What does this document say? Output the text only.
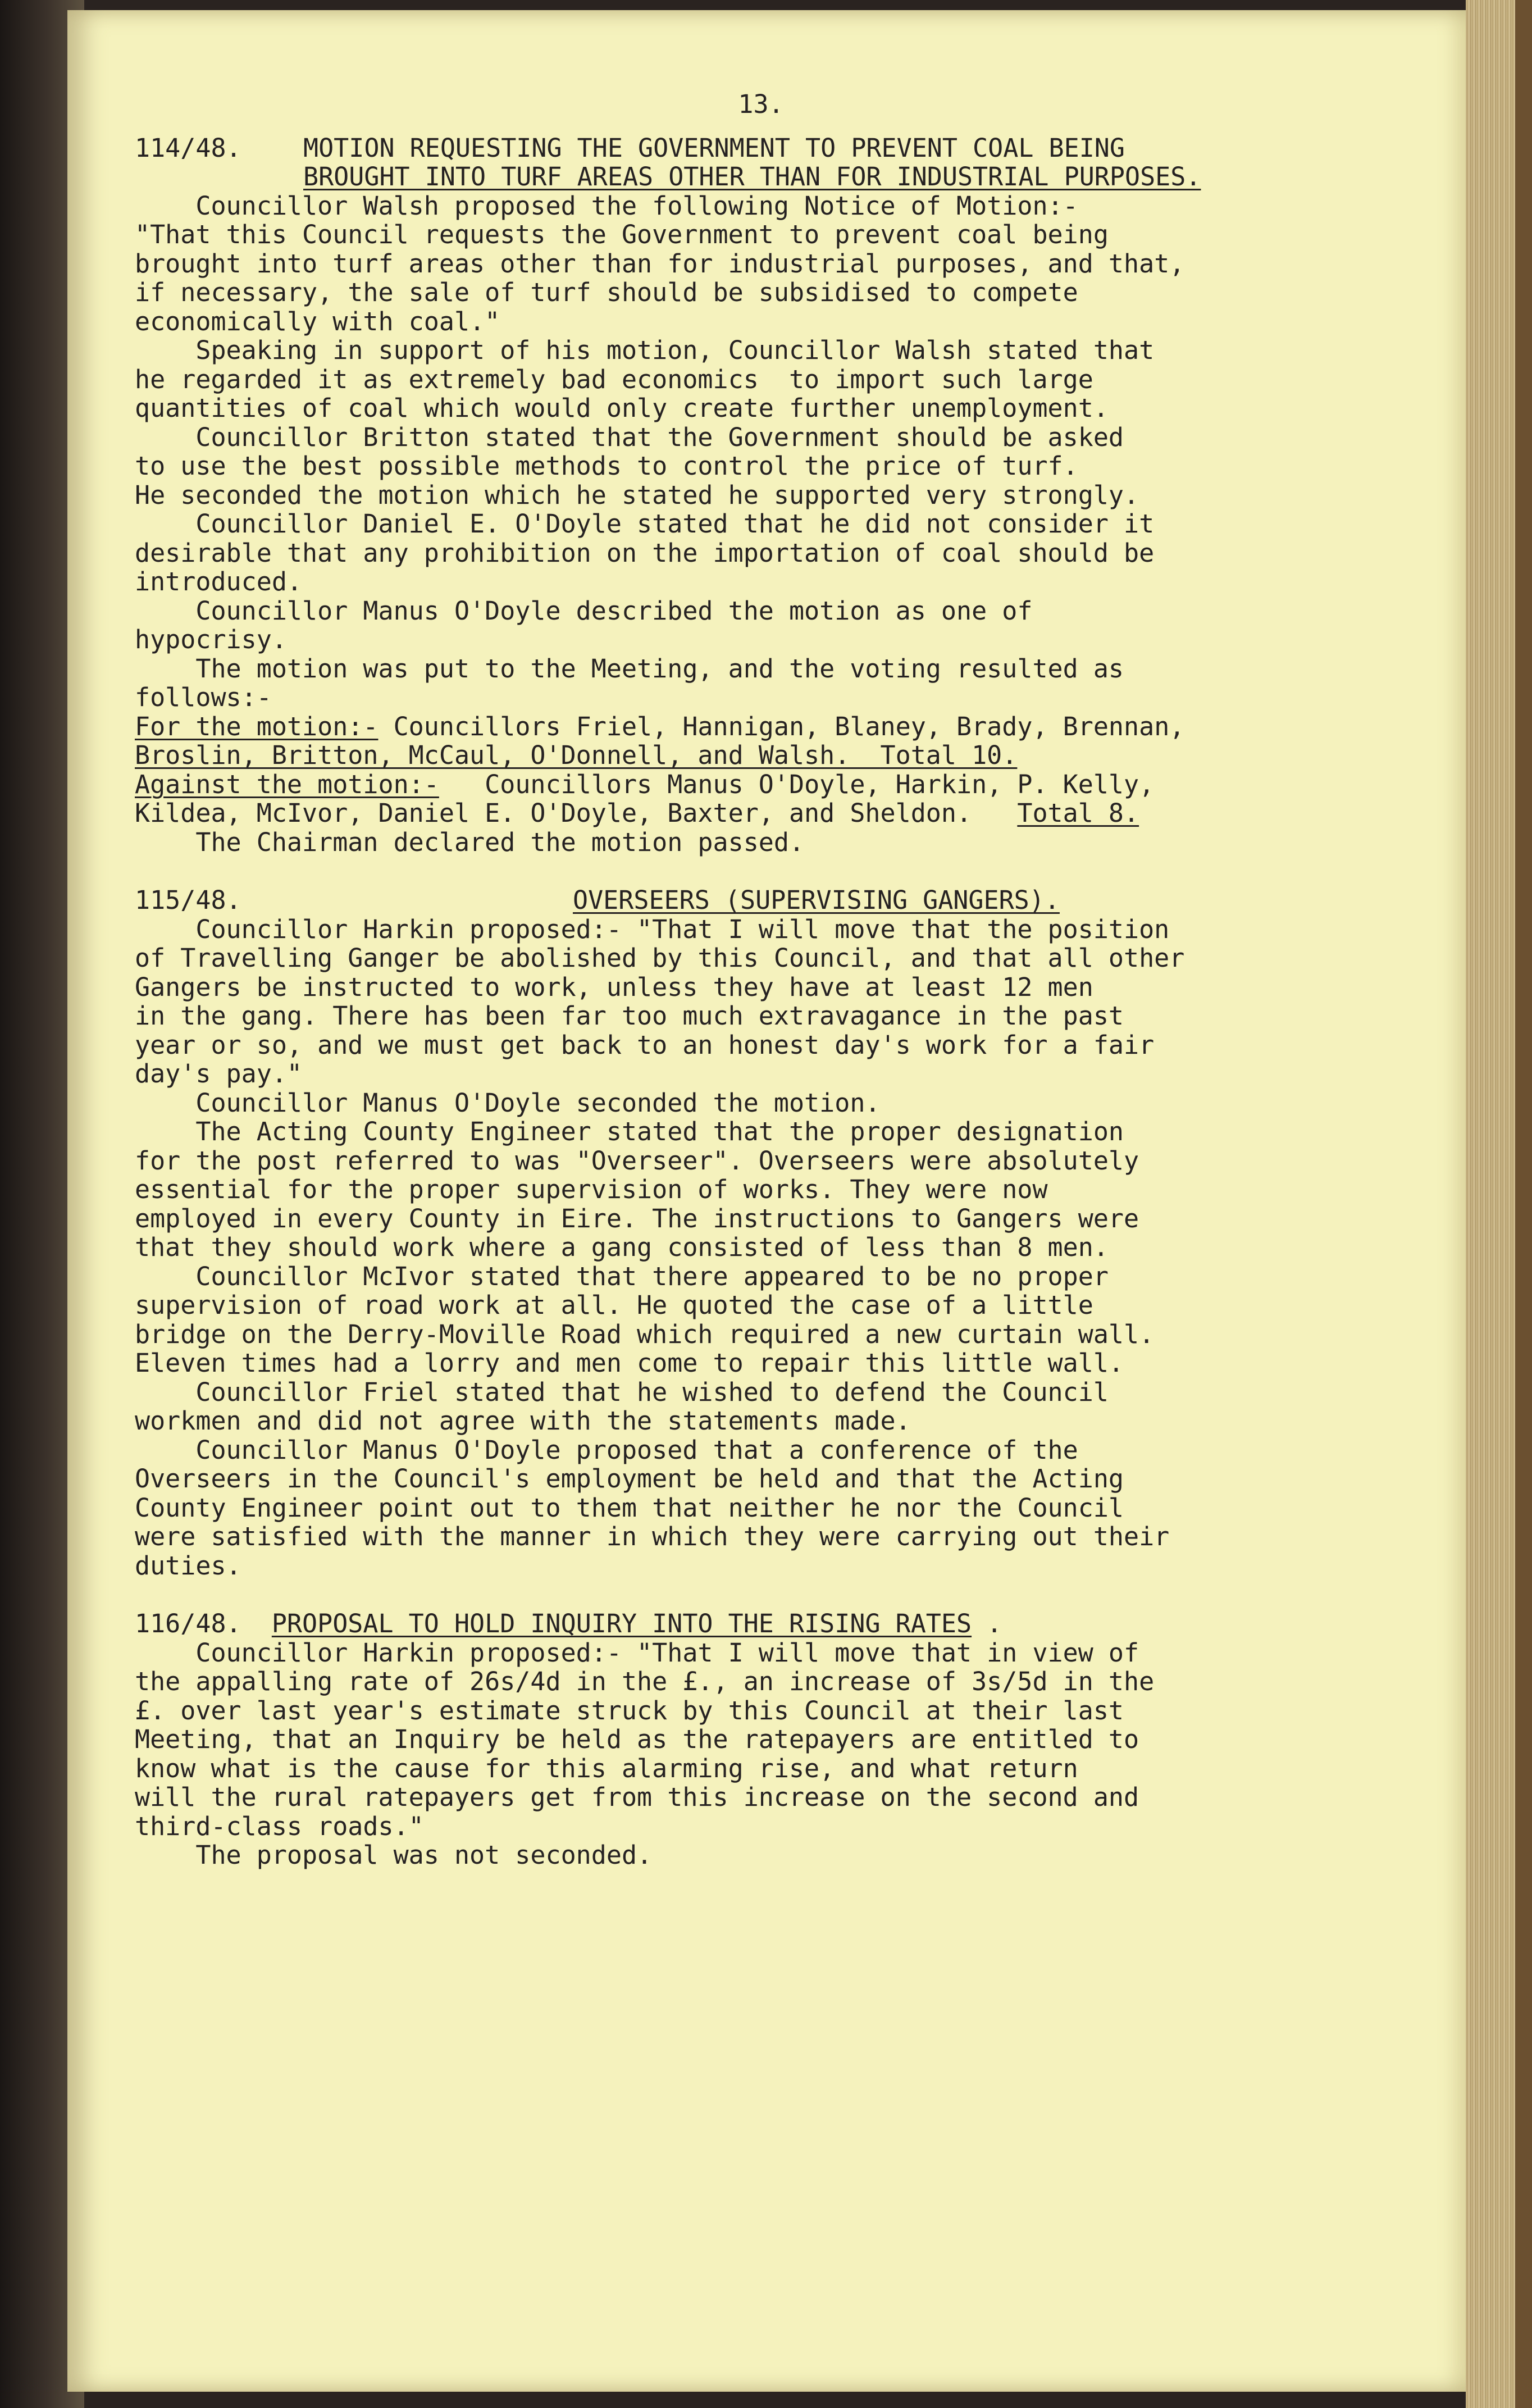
13.
114/48. MOTION REQUESTING THE GOVERNMENT TO PREVENT COAL BEING
BROUGHT INTO TURF AREAS OTHER THAN FOR INDUSTRIAL PURPOSES.
Councillor Walsh proposed the following Notice of Motion:-
"That this Council requests the Government to prevent coal being
brought into turf areas other than for industrial purposes, and that,
if necessary, the sale of turf should be subsidised to compete
economically with coal."
Speaking in support of his motion, Councillor Walsh stated that
he regarded it as extremely bad economics  to import such large
quantities of coal which would only create further unemployment.
Councillor Britton stated that the Government should be asked
to use the best possible methods to control the price of turf.
He seconded the motion which he stated he supported very strongly.
Councillor Daniel E. O'Doyle stated that he did not consider it
desirable that any prohibition on the importation of coal should be
introduced.
Councillor Manus O'Doyle described the motion as one of
hypocrisy.
The motion was put to the Meeting, and the voting resulted as
follows:-
For the motion:- Councillors Friel, Hannigan, Blaney, Brady, Brennan,
Broslin, Britton, McCaul, O'Donnell, and Walsh.  Total 10.
Against the motion:-   Councillors Manus O'Doyle, Harkin, P. Kelly,
Kildea, McIvor, Daniel E. O'Doyle, Baxter, and Sheldon.   Total 8.
The Chairman declared the motion passed.
115/48.	OVERSEERS (SUPERVISING GANGERS).
Councillor Harkin proposed:- "That I will move that the position
of Travelling Ganger be abolished by this Council, and that all other
Gangers be instructed to work, unless they have at least 12 men
in the gang. There has been far too much extravagance in the past
year or so, and we must get back to an honest day's work for a fair
day's pay."
Councillor Manus O'Doyle seconded the motion.
The Acting County Engineer stated that the proper designation
for the post referred to was "Overseer". Overseers were absolutely
essential for the proper supervision of works. They were now
employed in every County in Eire. The instructions to Gangers were
that they should work where a gang consisted of less than 8 men.
Councillor McIvor stated that there appeared to be no proper
supervision of road work at all. He quoted the case of a little
bridge on the Derry-Moville Road which required a new curtain wall.
Eleven times had a lorry and men come to repair this little wall.
Councillor Friel stated that he wished to defend the Council
workmen and did not agree with the statements made.
Councillor Manus O'Doyle proposed that a conference of the
Overseers in the Council's employment be held and that the Acting
County Engineer point out to them that neither he nor the Council
were satisfied with the manner in which they were carrying out their
duties.
116/48. PROPOSAL TO HOLD INQUIRY INTO THE RISING RATES .
Councillor Harkin proposed:- "That I will move that in view of
the appalling rate of 26s/4d in the £., an increase of 3s/5d in the
£. over last year's estimate struck by this Council at their last
Meeting, that an Inquiry be held as the ratepayers are entitled to
know what is the cause for this alarming rise, and what return
will the rural ratepayers get from this increase on the second and
third-class roads."
The proposal was not seconded.
